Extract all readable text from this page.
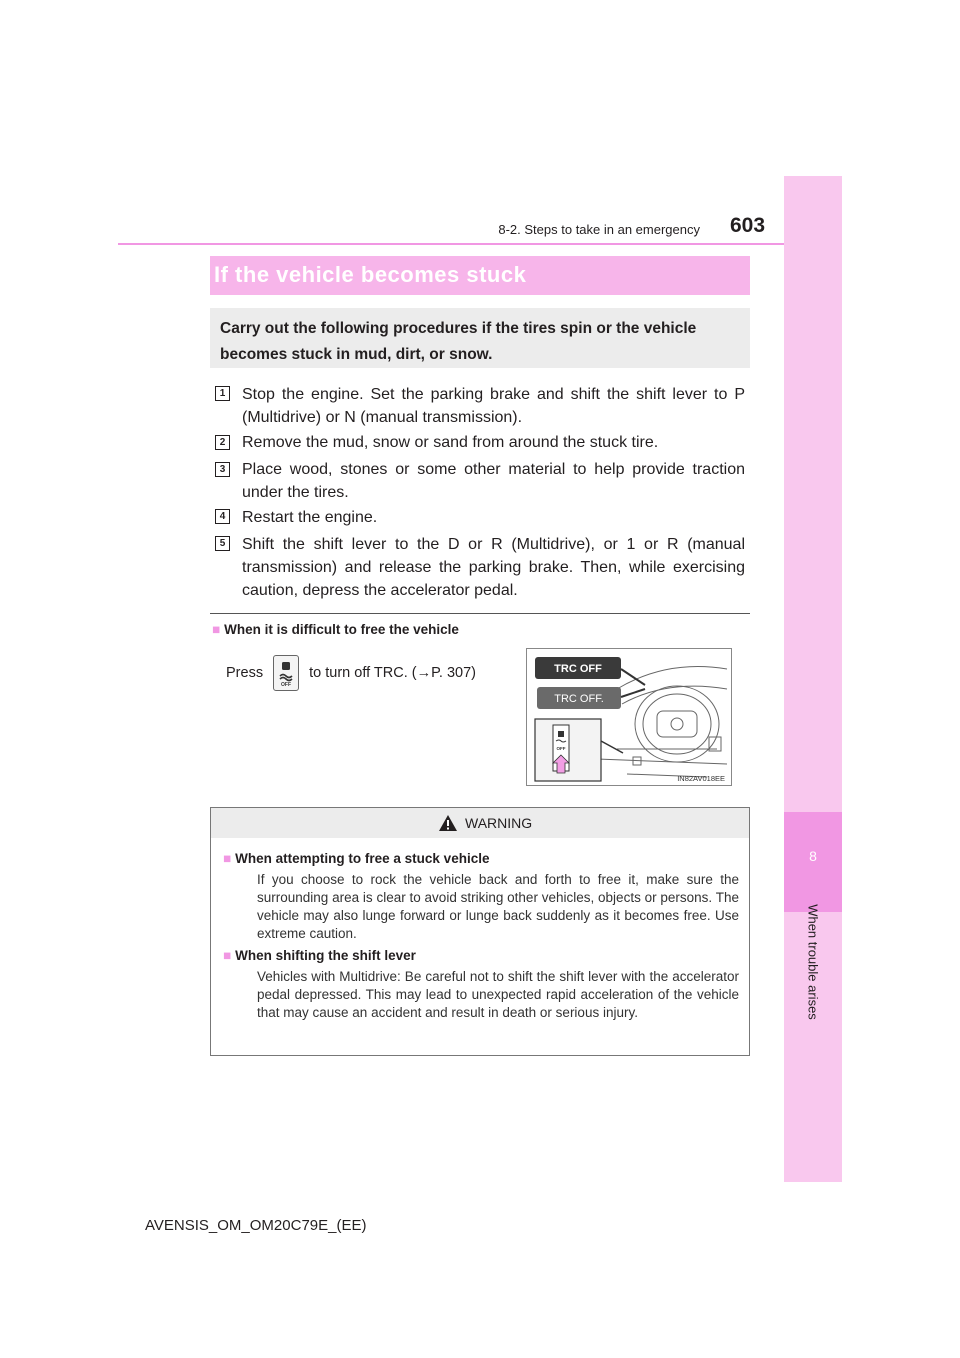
8
When trouble arises
8-2. Steps to take in an emergency 603
If the vehicle becomes stuck
Carry out the following procedures if the tires spin or the vehicle becomes stuck in mud, dirt, or snow.
1 Stop the engine. Set the parking brake and shift the shift lever to P (Multidrive) or N (manual transmission).
2 Remove the mud, snow or sand from around the stuck tire.
3 Place wood, stones or some other material to help provide traction under the tires.
4 Restart the engine.
5 Shift the shift lever to the D or R (Multidrive), or 1 or R (manual transmission) and release the parking brake. Then, while exercising caution, depress the accelerator pedal.
■ When it is difficult to free the vehicle
Press
OFF
to turn off TRC. (→P. 307)	TRC OFF
TRC OFF.
OFF
IN82AV018EE
WARNING
■ When attempting to free a stuck vehicle
If you choose to rock the vehicle back and forth to free it, make sure the surrounding area is clear to avoid striking other vehicles, objects or persons. The vehicle may also lunge forward or lunge back suddenly as it becomes free. Use extreme caution.
■ When shifting the shift lever
Vehicles with Multidrive: Be careful not to shift the shift lever with the accelerator pedal depressed. This may lead to unexpected rapid acceleration of the vehicle that may cause an accident and result in death or serious injury.
AVENSIS_OM_OM20C79E_(EE)
